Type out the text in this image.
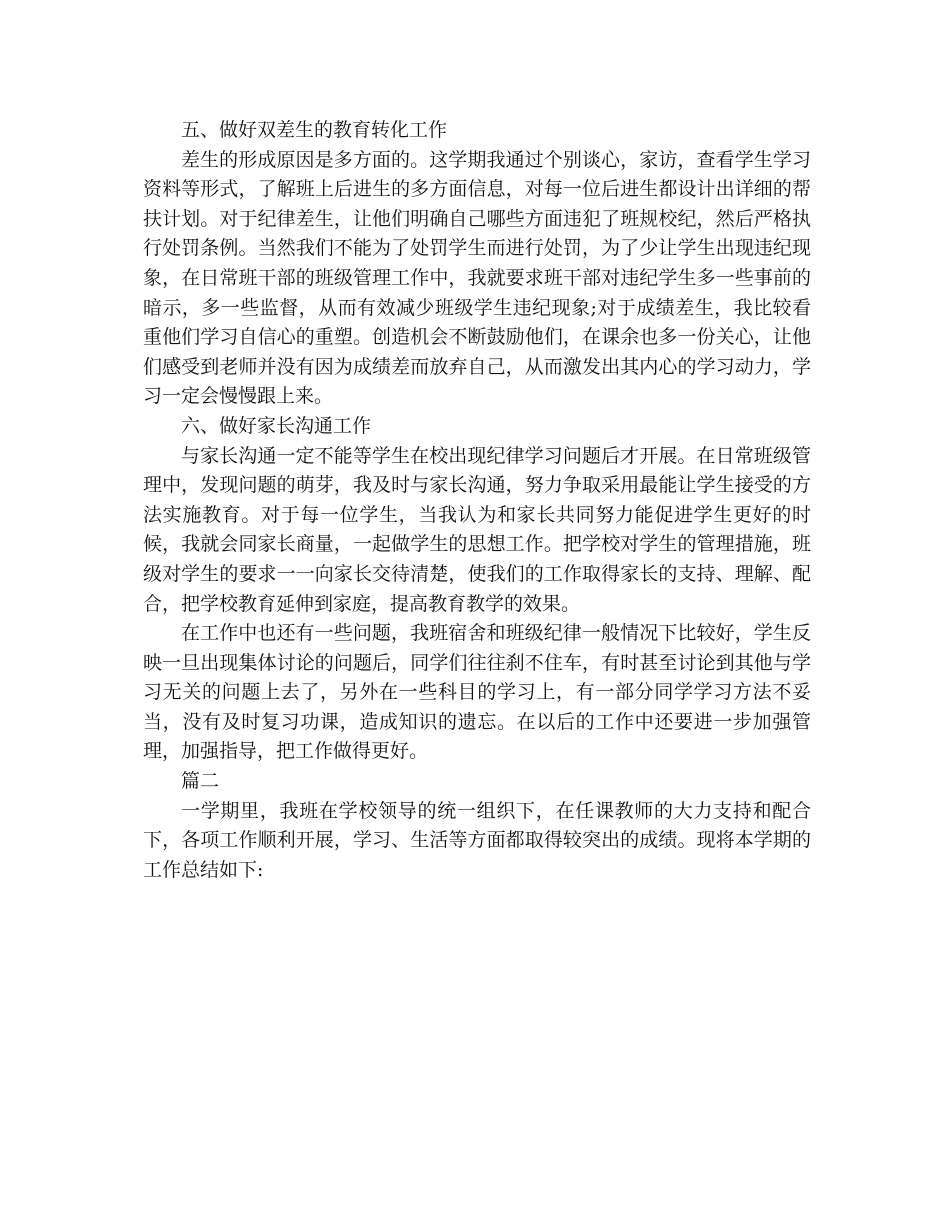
五、做好双差生的教育转化工作

差生的形成原因是多方面的。这学期我通过个别谈心，家访，查看学生学习资料等形式，了解班上后进生的多方面信息，对每一位后进生都设计出详细的帮扶计划。对于纪律差生，让他们明确自己哪些方面违犯了班规校纪，然后严格执行处罚条例。当然我们不能为了处罚学生而进行处罚，为了少让学生出现违纪现象，在日常班干部的班级管理工作中，我就要求班干部对违纪学生多一些事前的暗示，多一些监督，从而有效减少班级学生违纪现象;对于成绩差生，我比较看重他们学习自信心的重塑。创造机会不断鼓励他们，在课余也多一份关心，让他们感受到老师并没有因为成绩差而放弃自己，从而激发出其内心的学习动力，学习一定会慢慢跟上来。

六、做好家长沟通工作

与家长沟通一定不能等学生在校出现纪律学习问题后才开展。在日常班级管理中，发现问题的萌芽，我及时与家长沟通，努力争取采用最能让学生接受的方法实施教育。对于每一位学生，当我认为和家长共同努力能促进学生更好的时候，我就会同家长商量，一起做学生的思想工作。把学校对学生的管理措施，班级对学生的要求一一向家长交待清楚，使我们的工作取得家长的支持、理解、配合，把学校教育延伸到家庭，提高教育教学的效果。

在工作中也还有一些问题，我班宿舍和班级纪律一般情况下比较好，学生反映一旦出现集体讨论的问题后，同学们往往刹不住车，有时甚至讨论到其他与学习无关的问题上去了，另外在一些科目的学习上，有一部分同学学习方法不妥当，没有及时复习功课，造成知识的遗忘。在以后的工作中还要进一步加强管理，加强指导，把工作做得更好。

篇二

一学期里，我班在学校领导的统一组织下，在任课教师的大力支持和配合下，各项工作顺利开展，学习、生活等方面都取得较突出的成绩。现将本学期的工作总结如下:
